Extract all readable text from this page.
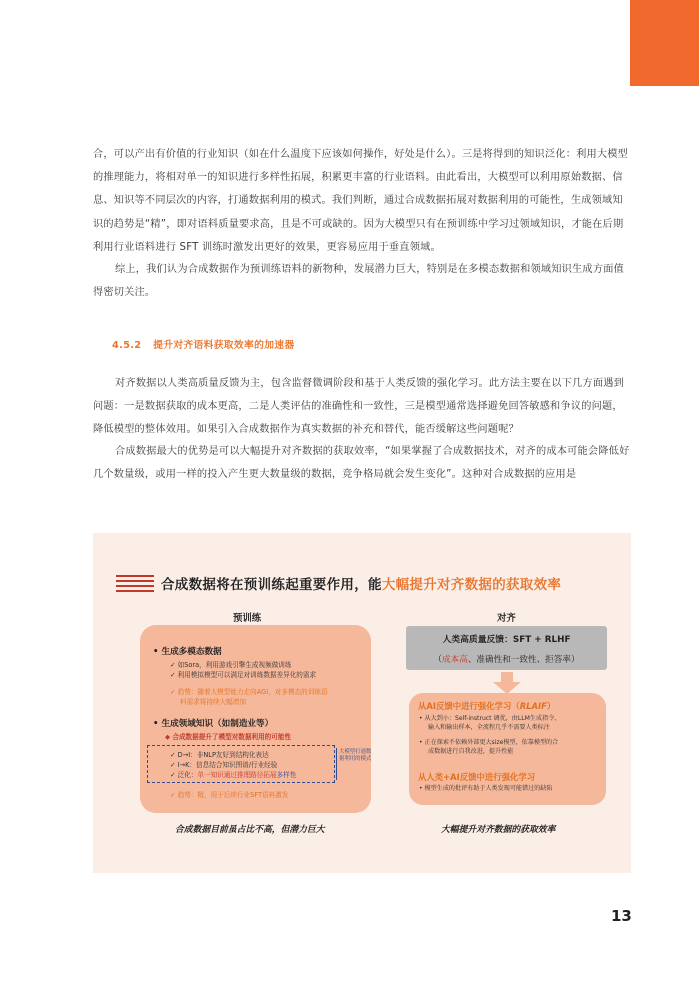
合，可以产出有价值的行业知识（如在什么温度下应该如何操作，好处是什么）。三是将得到的知识泛化：利用大模型的推理能力，将相对单一的知识进行多样性拓展，积累更丰富的行业语料。由此看出，大模型可以利用原始数据、信息、知识等不同层次的内容，打通数据利用的模式。我们判断，通过合成数据拓展对数据利用的可能性，生成领域知识的趋势是“精”，即对语料质量要求高，且是不可或缺的。因为大模型只有在预训练中学习过领域知识，才能在后期利用行业语料进行 SFT 训练时激发出更好的效果，更容易应用于垂直领域。

综上，我们认为合成数据作为预训练语料的新物种，发展潜力巨大，特别是在多模态数据和领域知识生成方面值得密切关注。

4.5.2 提升对齐语料获取效率的加速器

对齐数据以人类高质量反馈为主，包含监督微调阶段和基于人类反馈的强化学习。此方法主要在以下几方面遇到问题：一是数据获取的成本更高，二是人类评估的准确性和一致性，三是模型通常选择避免回答敏感和争议的问题，降低模型的整体效用。如果引入合成数据作为真实数据的补充和替代，能否缓解这些问题呢？

合成数据最大的优势是可以大幅提升对齐数据的获取效率，“如果掌握了合成数据技术，对齐的成本可能会降低好几个数量级，或用一样的投入产生更大数量级的数据，竞争格局就会发生变化”。这种对合成数据的应用是

合成数据将在预训练起重要作用，能大幅提升对齐数据的获取效率
预训练	对齐
• 生成多模态数据
✓ 如Sora，利用游戏引擎生成视频做训练
✓ 利用模拟模型可以满足对训练数据差异化的需求
✓ 趋势：随着大模型能力走向AGI，对多模态的训练语
料需求将持续大幅增加
• 生成领域知识（如制造业等）
◆ 合成数据提升了模型对数据利用的可能性
✓ D→I：非NLP友好到结构化表达
✓ I→K：信息结合知识图谱/行业经验
✓ 泛化：单一知识通过推理路径拓展多样性
大模型打通数据利用的模式
✓ 趋势：精，用于后续行业SFT语料激发
人类高质量反馈：SFT + RLHF
（成本高、准确性和一致性、拒答率）
从AI反馈中进行强化学习（RLAIF）
• 从大到小：Self-instruct 调优，由LLM生成指令、
输入和输出样本，全流程几乎不需要人类标注
• 正在探索不依赖外部更大size模型，依靠模型的合
成数据进行自我改进，提升性能
从人类+AI反馈中进行强化学习
• 模型生成的批评有助于人类发现可能错过的缺陷
合成数据目前虽占比不高，但潜力巨大	大幅提升对齐数据的获取效率
13
